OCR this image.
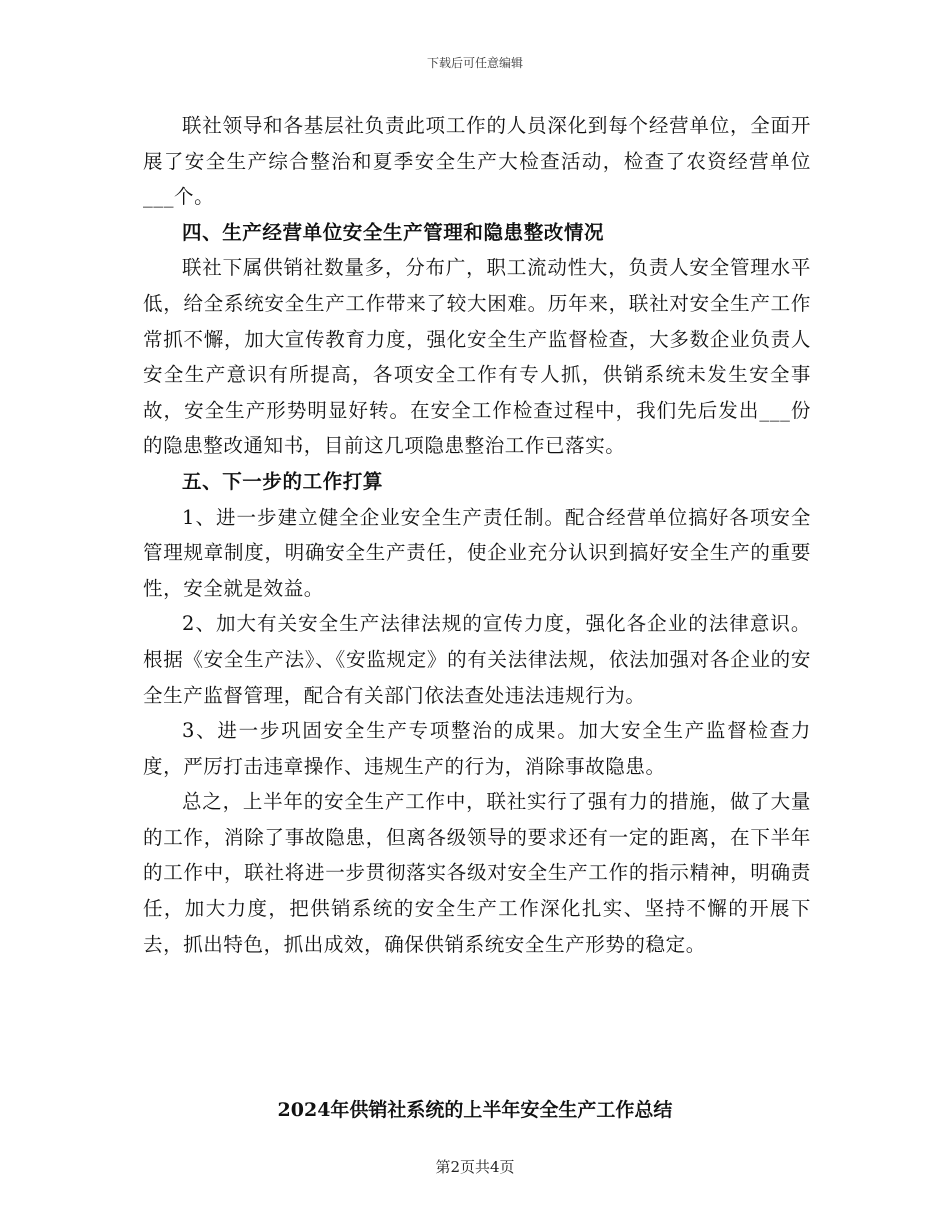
下载后可任意编辑

联社领导和各基层社负责此项工作的人员深化到每个经营单位，全面开展了安全生产综合整治和夏季安全生产大检查活动，检查了农资经营单位___个。

四、生产经营单位安全生产管理和隐患整改情况

联社下属供销社数量多，分布广，职工流动性大，负责人安全管理水平低，给全系统安全生产工作带来了较大困难。历年来，联社对安全生产工作常抓不懈，加大宣传教育力度，强化安全生产监督检查，大多数企业负责人安全生产意识有所提高，各项安全工作有专人抓，供销系统未发生安全事故，安全生产形势明显好转。在安全工作检查过程中，我们先后发出___份的隐患整改通知书，目前这几项隐患整治工作已落实。

五、下一步的工作打算

1、进一步建立健全企业安全生产责任制。配合经营单位搞好各项安全管理规章制度，明确安全生产责任，使企业充分认识到搞好安全生产的重要性，安全就是效益。

2、加大有关安全生产法律法规的宣传力度，强化各企业的法律意识。根据《安全生产法》、《安监规定》的有关法律法规，依法加强对各企业的安全生产监督管理，配合有关部门依法查处违法违规行为。

3、进一步巩固安全生产专项整治的成果。加大安全生产监督检查力度，严厉打击违章操作、违规生产的行为，消除事故隐患。

总之，上半年的安全生产工作中，联社实行了强有力的措施，做了大量的工作，消除了事故隐患，但离各级领导的要求还有一定的距离，在下半年的工作中，联社将进一步贯彻落实各级对安全生产工作的指示精神，明确责任，加大力度，把供销系统的安全生产工作深化扎实、坚持不懈的开展下去，抓出特色，抓出成效，确保供销系统安全生产形势的稳定。

2024年供销社系统的上半年安全生产工作总结
第2页共4页
